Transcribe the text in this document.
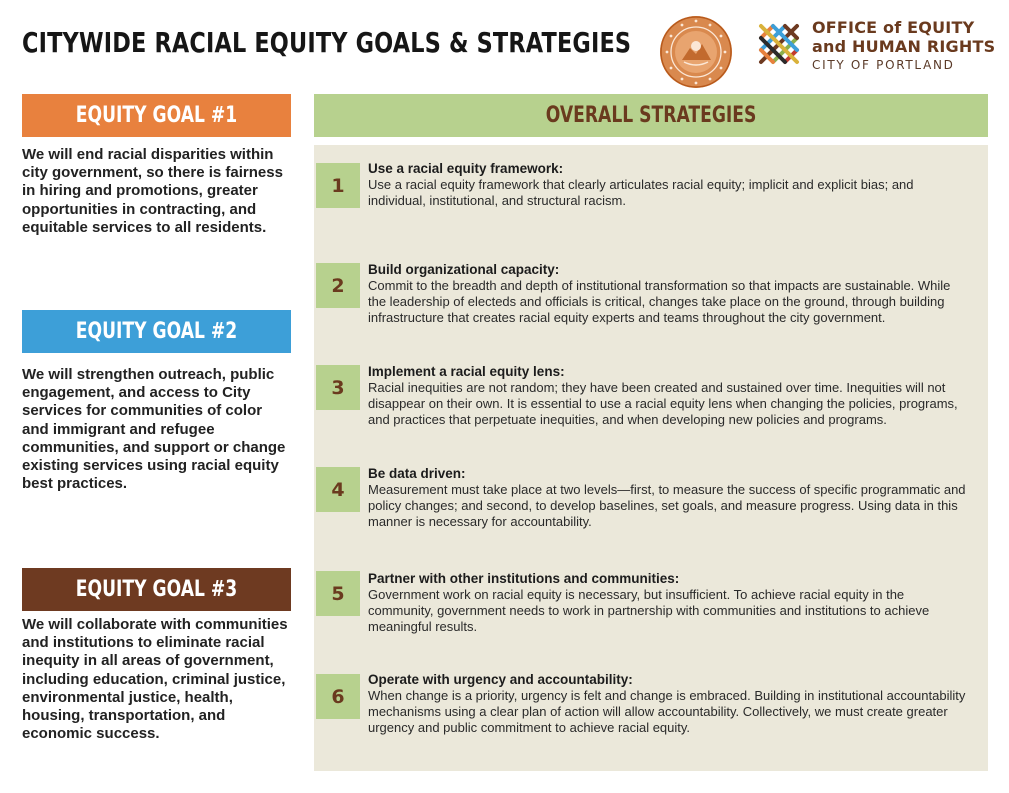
CITYWIDE RACIAL EQUITY GOALS & STRATEGIES	OFFICE of EQUITY
and HUMAN RIGHTS
CITY OF PORTLAND
EQUITY GOAL #1
We will end racial disparities within city government, so there is fairness in hiring and promotions, greater opportunities in contracting, and equitable services to all residents.
EQUITY GOAL #2
We will strengthen outreach, public engagement, and access to City services for communities of color and immigrant and refugee communities, and support or change existing services using racial equity best practices.
EQUITY GOAL #3
We will collaborate with communities and institutions to eliminate racial inequity in all areas of government, including education, criminal justice, environmental justice, health, housing, transportation, and economic success.
OVERALL STRATEGIES
1
Use a racial equity framework:
Use a racial equity framework that clearly articulates racial equity; implicit and explicit bias; and individual, institutional, and structural racism.
2
Build organizational capacity:
Commit to the breadth and depth of institutional transformation so that impacts are sustainable. While the leadership of electeds and officials is critical, changes take place on the ground, through building infrastructure that creates racial equity experts and teams throughout the city government.
3
Implement a racial equity lens:
Racial inequities are not random; they have been created and sustained over time. Inequities will not disappear on their own. It is essential to use a racial equity lens when changing the policies, programs, and practices that perpetuate inequities, and when developing new policies and programs.
4
Be data driven:
Measurement must take place at two levels—first, to measure the success of specific programmatic and policy changes; and second, to develop baselines, set goals, and measure progress. Using data in this manner is necessary for accountability.
5
Partner with other institutions and communities:
Government work on racial equity is necessary, but insufficient. To achieve racial equity in the community, government needs to work in partnership with communities and institutions to achieve meaningful results.
6
Operate with urgency and accountability:
When change is a priority, urgency is felt and change is embraced. Building in institutional accountability mechanisms using a clear plan of action will allow accountability. Collectively, we must create greater urgency and public commitment to achieve racial equity.
